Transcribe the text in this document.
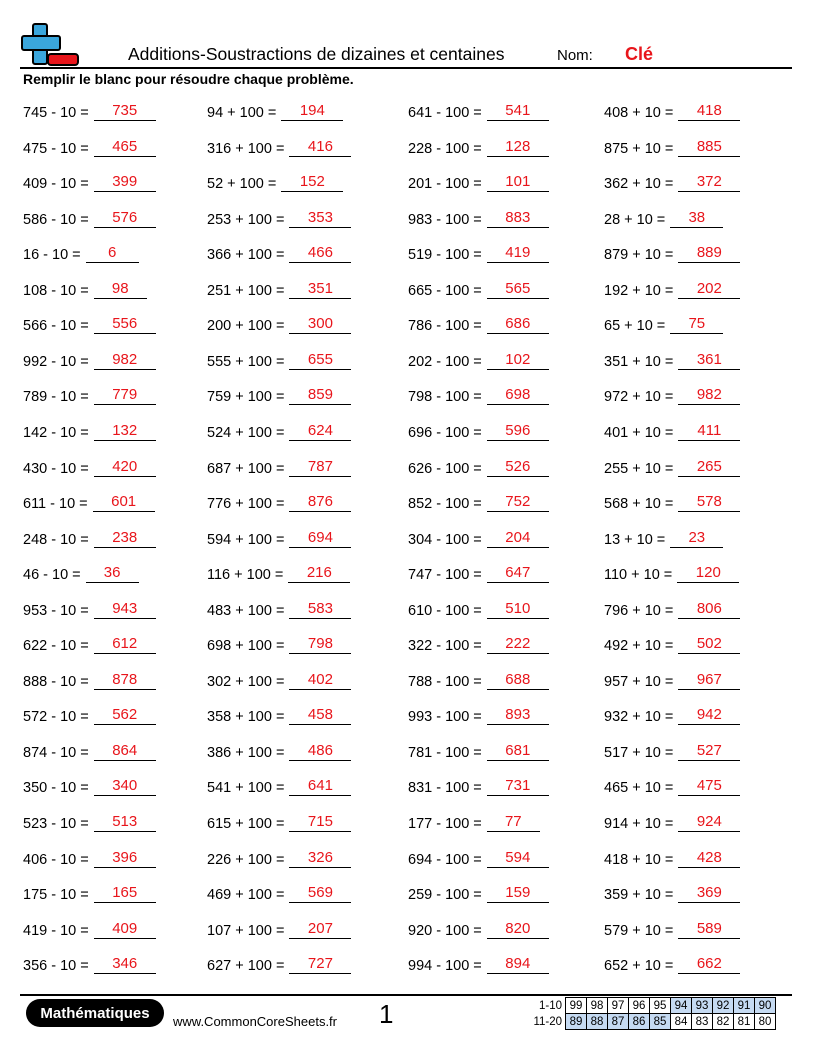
Additions-Soustractions de dizaines et centaines	Nom: Clé
Remplir le blanc pour résoudre chaque problème.
745 - 10 =	735
475 - 10 =	465
409 - 10 =	399
586 - 10 =	576
16 - 10 =	6
108 - 10 =	98
566 - 10 =	556
992 - 10 =	982
789 - 10 =	779
142 - 10 =	132
430 - 10 =	420
611 - 10 =	601
248 - 10 =	238
46 - 10 =	36
953 - 10 =	943
622 - 10 =	612
888 - 10 =	878
572 - 10 =	562
874 - 10 =	864
350 - 10 =	340
523 - 10 =	513
406 - 10 =	396
175 - 10 =	165
419 - 10 =	409
356 - 10 =	346
94 + 100 =	194
316 + 100 =	416
52 + 100 =	152
253 + 100 =	353
366 + 100 =	466
251 + 100 =	351
200 + 100 =	300
555 + 100 =	655
759 + 100 =	859
524 + 100 =	624
687 + 100 =	787
776 + 100 =	876
594 + 100 =	694
116 + 100 =	216
483 + 100 =	583
698 + 100 =	798
302 + 100 =	402
358 + 100 =	458
386 + 100 =	486
541 + 100 =	641
615 + 100 =	715
226 + 100 =	326
469 + 100 =	569
107 + 100 =	207
627 + 100 =	727
641 - 100 =	541
228 - 100 =	128
201 - 100 =	101
983 - 100 =	883
519 - 100 =	419
665 - 100 =	565
786 - 100 =	686
202 - 100 =	102
798 - 100 =	698
696 - 100 =	596
626 - 100 =	526
852 - 100 =	752
304 - 100 =	204
747 - 100 =	647
610 - 100 =	510
322 - 100 =	222
788 - 100 =	688
993 - 100 =	893
781 - 100 =	681
831 - 100 =	731
177 - 100 =	77
694 - 100 =	594
259 - 100 =	159
920 - 100 =	820
994 - 100 =	894
408 + 10 =	418
875 + 10 =	885
362 + 10 =	372
28 + 10 =	38
879 + 10 =	889
192 + 10 =	202
65 + 10 =	75
351 + 10 =	361
972 + 10 =	982
401 + 10 =	411
255 + 10 =	265
568 + 10 =	578
13 + 10 =	23
110 + 10 =	120
796 + 10 =	806
492 + 10 =	502
957 + 10 =	967
932 + 10 =	942
517 + 10 =	527
465 + 10 =	475
914 + 10 =	924
418 + 10 =	428
359 + 10 =	369
579 + 10 =	589
652 + 10 =	662
Mathématiques	www.CommonCoreSheets.fr 1	1-10	99	98	97	96	95	94	93	92	91	90
11-20	89	88	87	86	85	84	83	82	81	80
